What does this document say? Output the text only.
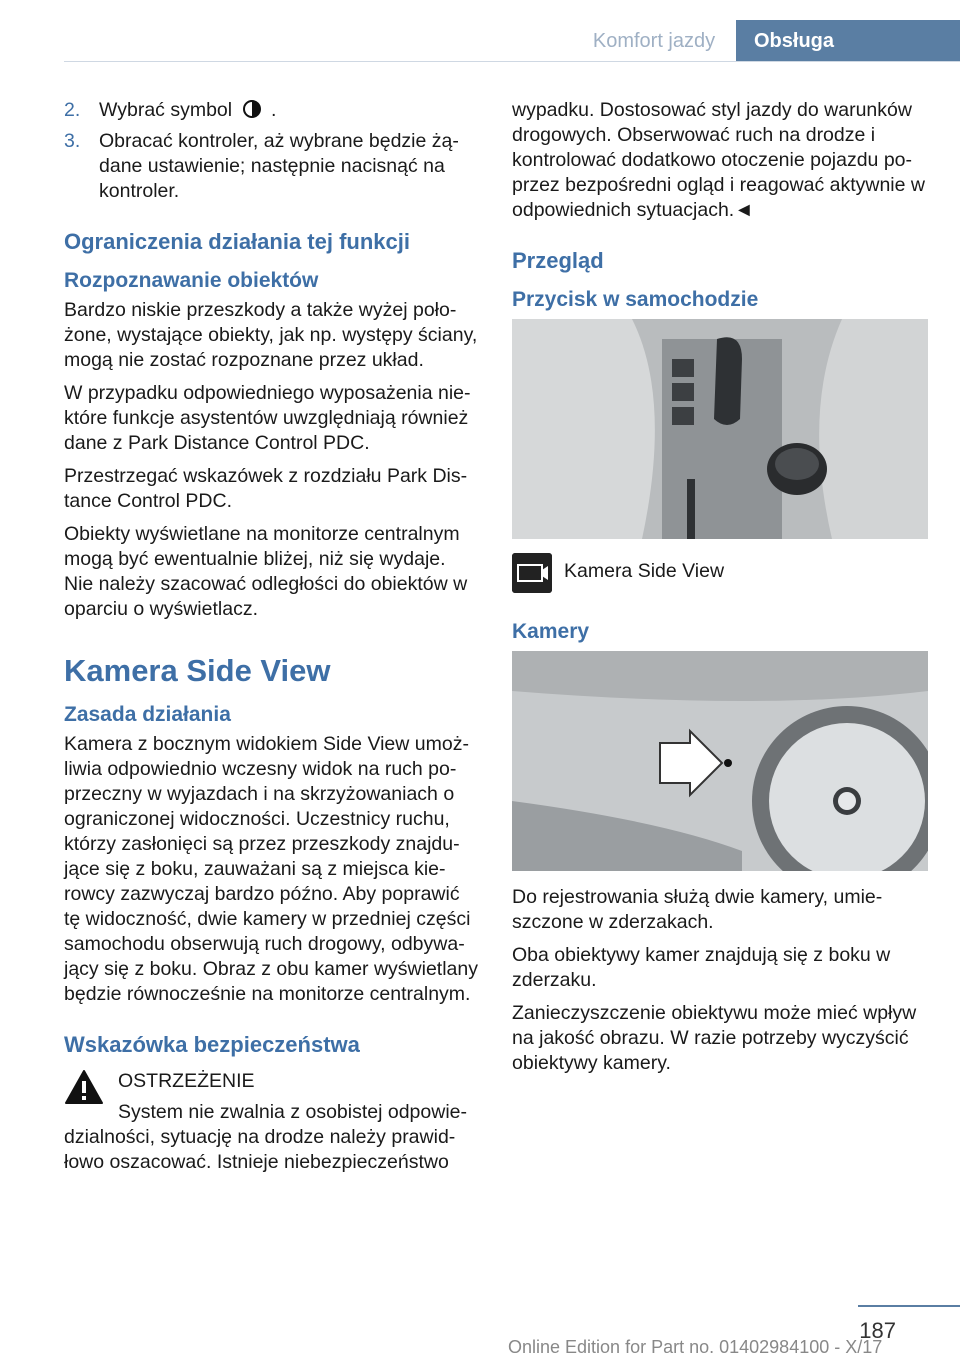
Komfort jazdy	Obsługa
2. Wybrać symbol .
3. Obracać kontroler, aż wybrane będzie żądane ustawienie; następnie nacisnąć na kontroler.
Ograniczenia działania tej funkcji
Rozpoznawanie obiektów

Bardzo niskie przeszkody a także wyżej położone, wystające obiekty, jak np. występy ściany, mogą nie zostać rozpoznane przez układ.

W przypadku odpowiedniego wyposażenia niektóre funkcje asystentów uwzględniają również dane z Park Distance Control PDC.

Przestrzegać wskazówek z rozdziału Park Distance Control PDC.

Obiekty wyświetlane na monitorze centralnym mogą być ewentualnie bliżej, niż się wydaje. Nie należy szacować odległości do obiektów w oparciu o wyświetlacz.

Kamera Side View
Zasada działania

Kamera z bocznym widokiem Side View umożliwia odpowiednio wczesny widok na ruch poprzeczny w wyjazdach i na skrzyżowaniach o ograniczonej widoczności. Uczestnicy ruchu, którzy zasłonięci są przez przeszkody znajdujące się z boku, zauważani są z miejsca kierowcy zazwyczaj bardzo późno. Aby poprawić tę widoczność, dwie kamery w przedniej części samochodu obserwują ruch drogowy, odbywający się z boku. Obraz z obu kamer wyświetlany będzie równocześnie na monitorze centralnym.

Wskazówka bezpieczeństwa
OSTRZEŻENIE
System nie zwalnia z osobistej odpowiedzialności, sytuację na drodze należy prawidłowo oszacować. Istnieje niebezpieczeństwo

wypadku. Dostosować styl jazdy do warunków drogowych. Obserwować ruch na drodze i kontrolować dodatkowo otoczenie pojazdu poprzez bezpośredni ogląd i reagować aktywnie w odpowiednich sytuacjach.◄

Przegląd
Przycisk w samochodzie
Kamera Side View
Kamery

Do rejestrowania służą dwie kamery, umieszczone w zderzakach.

Oba obiektywy kamer znajdują się z boku w zderzaku.

Zanieczyszczenie obiektywu może mieć wpływ na jakość obrazu. W razie potrzeby wyczyścić obiektywy kamery.

187
Online Edition for Part no. 01402984100 - X/17
